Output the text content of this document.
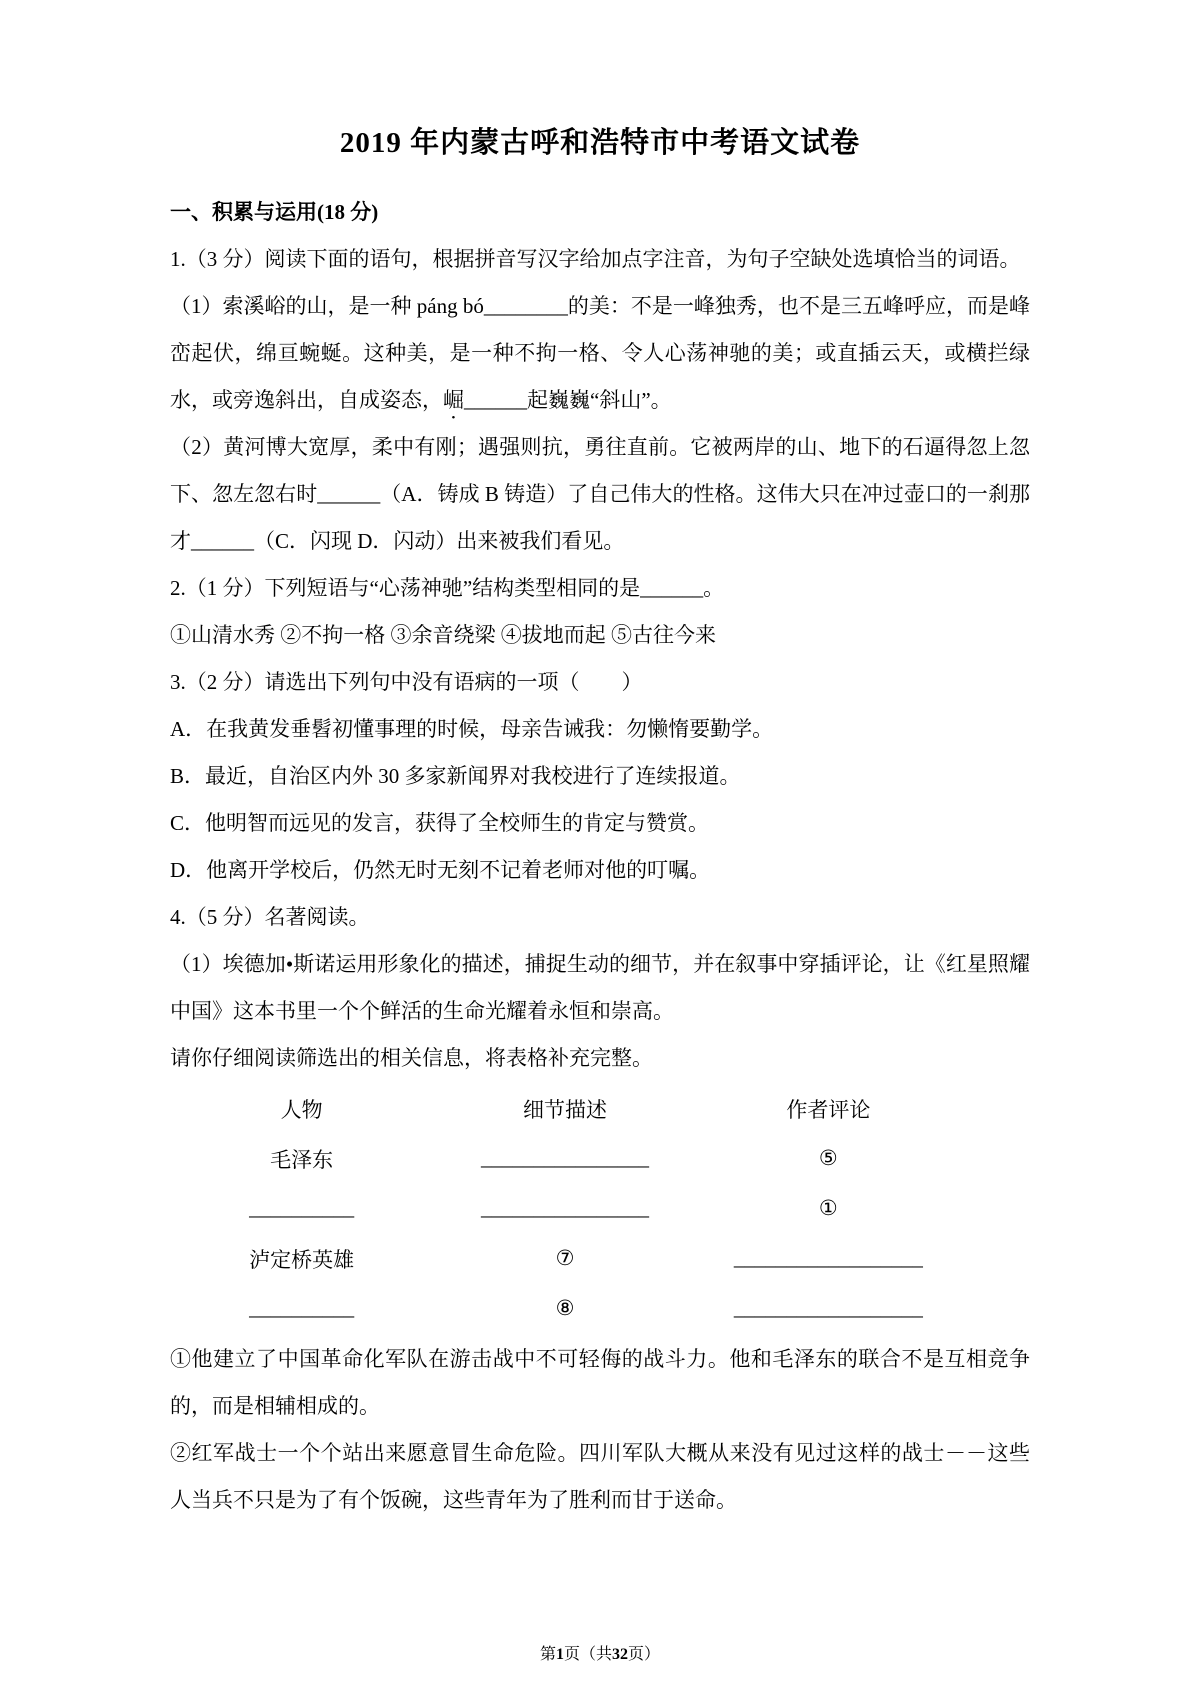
2019 年内蒙古呼和浩特市中考语文试卷
一、积累与运用(18 分)

1.（3 分）阅读下面的语句，根据拼音写汉字给加点字注音，为句子空缺处选填恰当的词语。

（1）索溪峪的山，是一种 páng bó________的美：不是一峰独秀，也不是三五峰呼应，而是峰峦起伏，绵亘蜿蜒。这种美，是一种不拘一格、令人心荡神驰的美；或直插云天，或横拦绿水，或旁逸斜出，自成姿态，崛______起巍巍“斜山”。

（2）黄河博大宽厚，柔中有刚；遇强则抗，勇往直前。它被两岸的山、地下的石逼得忽上忽下、忽左忽右时______（A．铸成 B 铸造）了自己伟大的性格。这伟大只在冲过壶口的一刹那才______（C．闪现 D．闪动）出来被我们看见。

2.（1 分）下列短语与“心荡神驰”结构类型相同的是______。

①山清水秀 ②不拘一格 ③余音绕梁 ④拔地而起 ⑤古往今来

3.（2 分）请选出下列句中没有语病的一项（　　）

A．在我黄发垂髫初懂事理的时候，母亲告诫我：勿懒惰要勤学。

B．最近，自治区内外 30 多家新闻界对我校进行了连续报道。

C．他明智而远见的发言，获得了全校师生的肯定与赞赏。

D．他离开学校后，仍然无时无刻不记着老师对他的叮嘱。

4.（5 分）名著阅读。

（1）埃德加•斯诺运用形象化的描述，捕捉生动的细节，并在叙事中穿插评论，让《红星照耀中国》这本书里一个个鲜活的生命光耀着永恒和崇高。

请你仔细阅读筛选出的相关信息，将表格补充完整。

人物	细节描述	作者评论
毛泽东	________________	⑤
__________	________________	①
泸定桥英雄	⑦	__________________
__________	⑧	__________________

①他建立了中国革命化军队在游击战中不可轻侮的战斗力。他和毛泽东的联合不是互相竞争的，而是相辅相成的。

②红军战士一个个站出来愿意冒生命危险。四川军队大概从来没有见过这样的战士－－这些人当兵不只是为了有个饭碗，这些青年为了胜利而甘于送命。

第1页（共32页）
